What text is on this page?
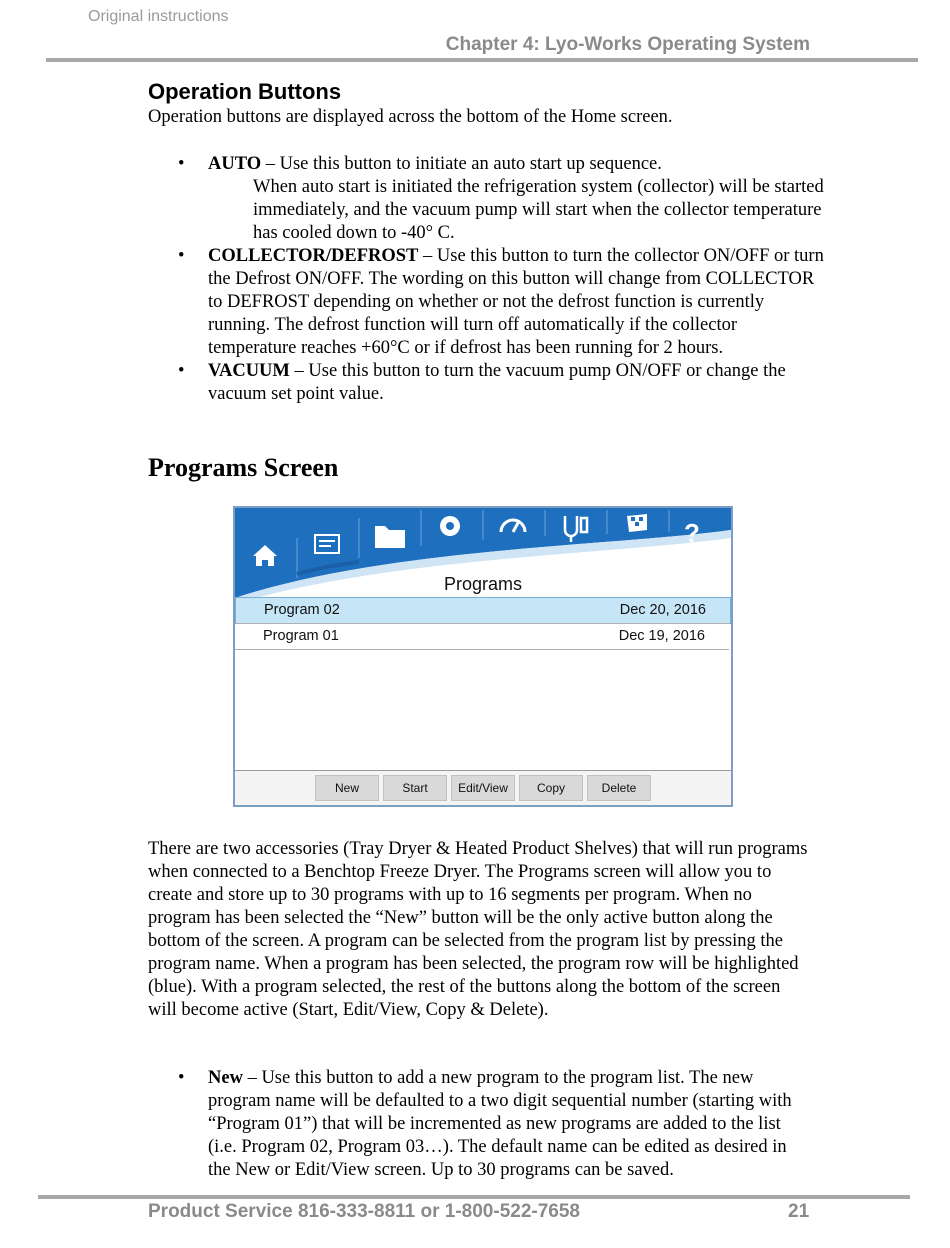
Original instructions
Chapter 4: Lyo-Works Operating System
Operation Buttons

Operation buttons are displayed across the bottom of the Home screen.

• AUTO – Use this button to initiate an auto start up sequence.
When auto start is initiated the refrigeration system (collector) will be started immediately, and the vacuum pump will start when the collector temperature has cooled down to -40° C.
• COLLECTOR/DEFROST – Use this button to turn the collector ON/OFF or turn the Defrost ON/OFF. The wording on this button will change from COLLECTOR to DEFROST depending on whether or not the defrost function is currently running. The defrost function will turn off automatically if the collector temperature reaches +60°C or if defrost has been running for 2 hours.
• VACUUM – Use this button to turn the vacuum pump ON/OFF or change the vacuum set point value.
Programs Screen
?
Programs
Program 02	Dec 20, 2016
Program 01	Dec 19, 2016
New	Start	Edit/View	Copy	Delete

There are two accessories (Tray Dryer & Heated Product Shelves) that will run programs when connected to a Benchtop Freeze Dryer. The Programs screen will allow you to create and store up to 30 programs with up to 16 segments per program. When no program has been selected the “New” button will be the only active button along the bottom of the screen. A program can be selected from the program list by pressing the program name. When a program has been selected, the program row will be highlighted (blue). With a program selected, the rest of the buttons along the bottom of the screen will become active (Start, Edit/View, Copy & Delete).

• New – Use this button to add a new program to the program list. The new program name will be defaulted to a two digit sequential number (starting with “Program 01”) that will be incremented as new programs are added to the list (i.e. Program 02, Program 03…). The default name can be edited as desired in the New or Edit/View screen. Up to 30 programs can be saved.
Product Service 816-333-8811 or 1-800-522-7658	21
